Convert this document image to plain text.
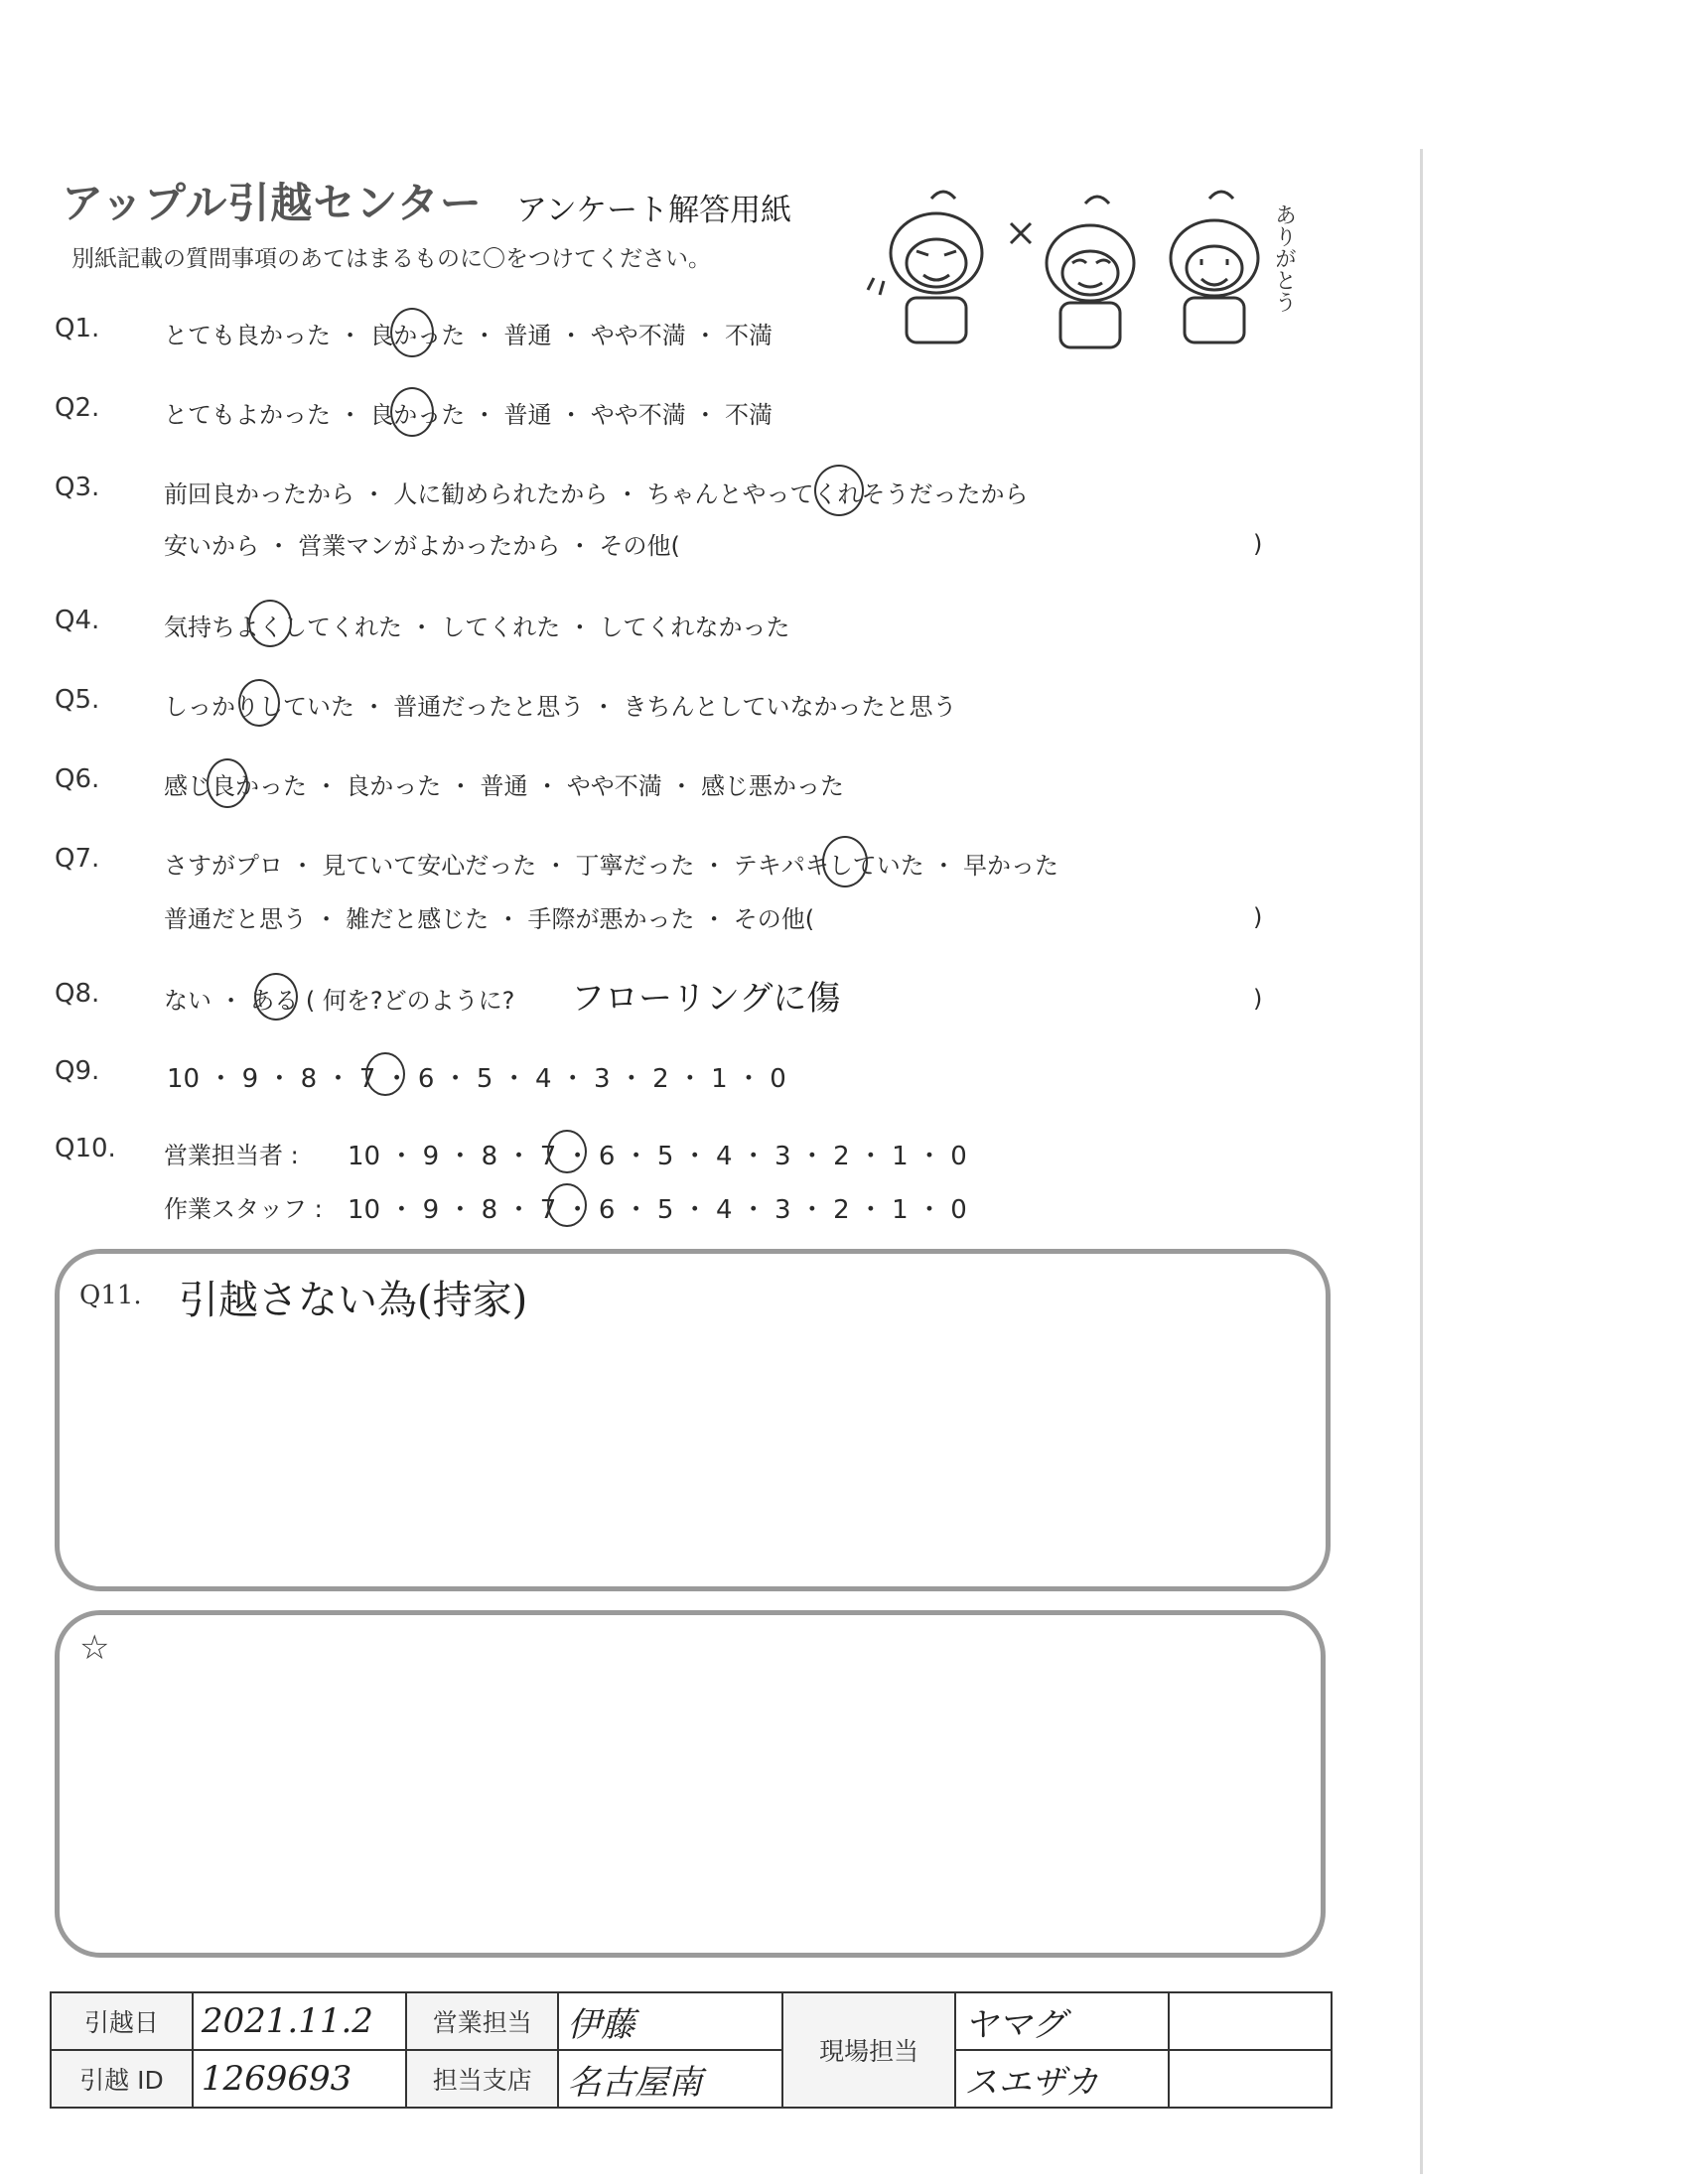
アップル引越センター アンケート解答用紙
別紙記載の質問事項のあてはまるものに〇をつけてください。	ありがとう
Q1.	とても良かった ・ 良かった ・ 普通 ・ やや不満 ・ 不満
Q2.	とてもよかった ・ 良かった ・ 普通 ・ やや不満 ・ 不満
Q3.	前回良かったから ・ 人に勧められたから ・ ちゃんとやってくれそうだったから
安いから ・ 営業マンがよかったから ・ その他(	)
Q4.	気持ちよくしてくれた ・ してくれた ・ してくれなかった
Q5.	しっかりしていた ・ 普通だったと思う ・ きちんとしていなかったと思う
Q6.	感じ良かった ・ 良かった ・ 普通 ・ やや不満 ・ 感じ悪かった
Q7.	さすがプロ ・ 見ていて安心だった ・ 丁寧だった ・ テキパキしていた ・ 早かった
普通だと思う ・ 雑だと感じた ・ 手際が悪かった ・ その他(	)
Q8.	ない ・ ある ( 何を?どのように? フローリングに傷	)
Q9.	10 ・ 9 ・ 8 ・ 7 ・ 6 ・ 5 ・ 4 ・ 3 ・ 2 ・ 1 ・ 0
Q10. 営業担当者 : 10 ・ 9 ・ 8 ・ 7 ・ 6 ・ 5 ・ 4 ・ 3 ・ 2 ・ 1 ・ 0
作業スタッフ : 10 ・ 9 ・ 8 ・ 7 ・ 6 ・ 5 ・ 4 ・ 3 ・ 2 ・ 1 ・ 0
Q11. 引越さない為(持家)
☆
引越日	2021.11.2	営業担当	伊藤	現場担当	ヤマグ	
引越 ID	1269693	担当支店	名古屋南		スエザカ	
